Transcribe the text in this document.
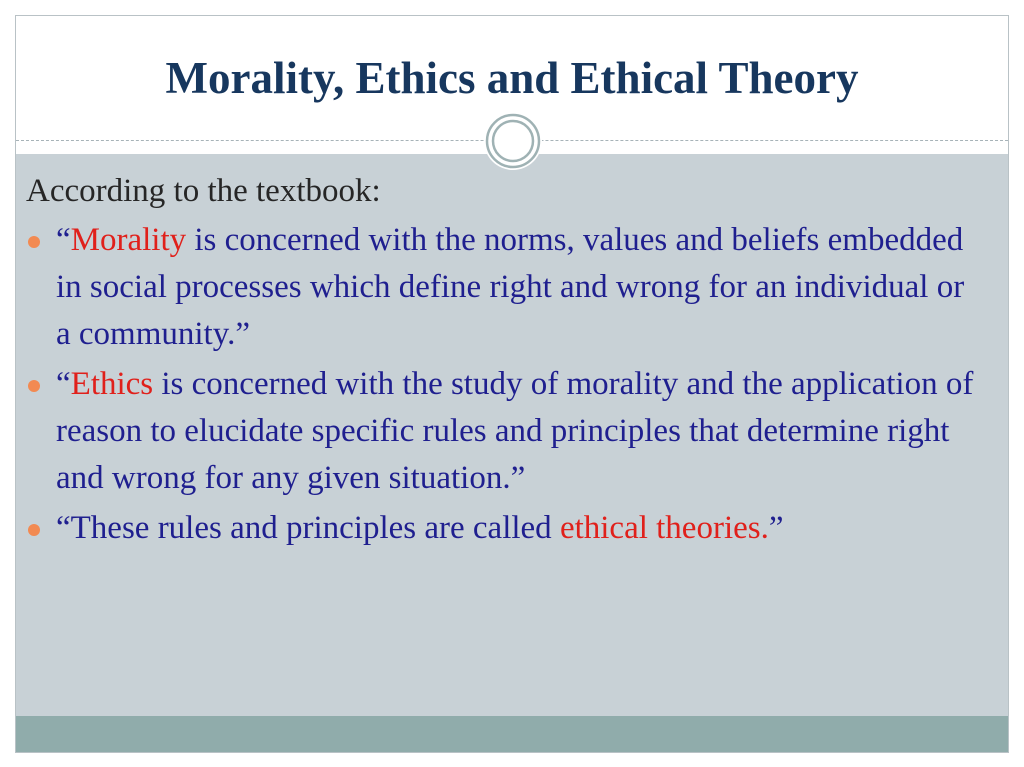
Morality, Ethics and Ethical Theory

According to the textbook:

“Morality is concerned with the norms, values and beliefs embedded in social processes which define right and wrong for an individual or a community.”
“Ethics is concerned with the study of morality and the application of reason to elucidate specific rules and principles that determine right and wrong for any given situation.”
“These rules and principles are called ethical theories.”
